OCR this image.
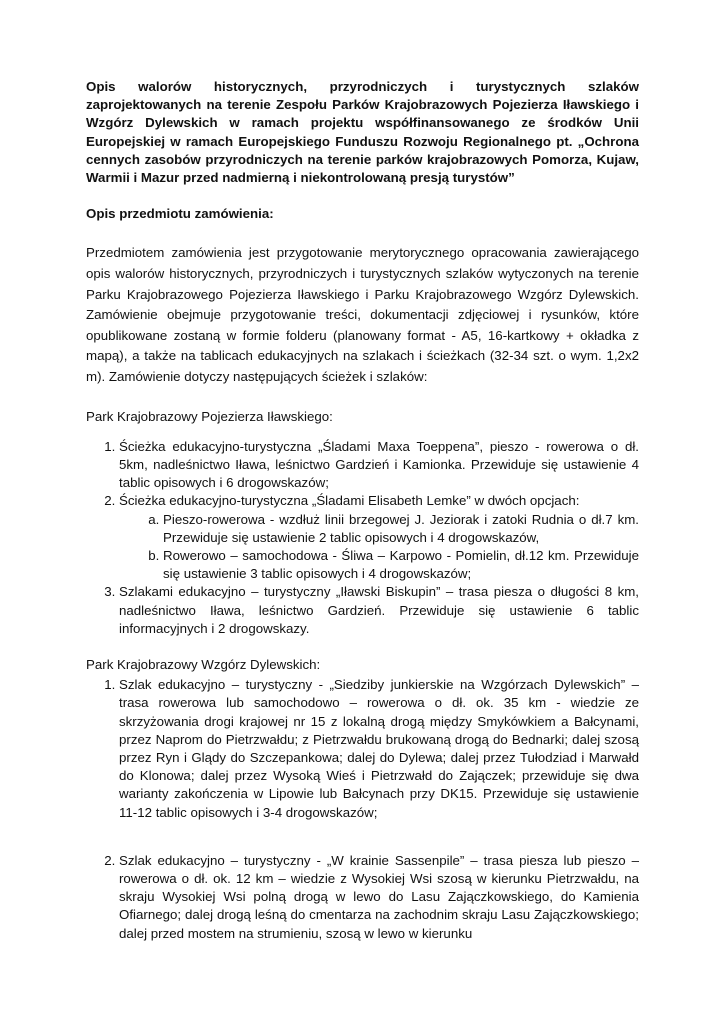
Opis walorów historycznych, przyrodniczych i turystycznych szlaków zaprojektowanych na terenie Zespołu Parków Krajobrazowych Pojezierza Iławskiego i Wzgórz Dylewskich w ramach projektu współfinansowanego ze środków Unii Europejskiej w ramach Europejskiego Funduszu Rozwoju Regionalnego pt. „Ochrona cennych zasobów przyrodniczych na terenie parków krajobrazowych Pomorza, Kujaw, Warmii i Mazur przed nadmierną i niekontrolowaną presją turystów”

Opis przedmiotu zamówienia:

Przedmiotem zamówienia jest przygotowanie merytorycznego opracowania zawierającego opis walorów historycznych, przyrodniczych i turystycznych szlaków wytyczonych na terenie Parku Krajobrazowego Pojezierza Iławskiego i Parku Krajobrazowego Wzgórz Dylewskich. Zamówienie obejmuje przygotowanie treści, dokumentacji zdjęciowej i rysunków, które opublikowane zostaną w formie folderu (planowany format - A5, 16-kartkowy + okładka z mapą), a także na tablicach edukacyjnych na szlakach i ścieżkach (32-34 szt. o wym. 1,2x2 m). Zamówienie dotyczy następujących ścieżek i szlaków:

Park Krajobrazowy Pojezierza Iławskiego:

1. Ścieżka edukacyjno-turystyczna „Śladami Maxa Toeppena”, pieszo - rowerowa o dł. 5km, nadleśnictwo Iława, leśnictwo Gardzień i Kamionka. Przewiduje się ustawienie 4 tablic opisowych i 6 drogowskazów;
2. Ścieżka edukacyjno-turystyczna „Śladami Elisabeth Lemke” w dwóch opcjach:
a. Pieszo-rowerowa - wzdłuż linii brzegowej J. Jeziorak i zatoki Rudnia o dł.7 km. Przewiduje się ustawienie 2 tablic opisowych i 4 drogowskazów,
b. Rowerowo – samochodowa - Śliwa – Karpowo - Pomielin, dł.12 km. Przewiduje się ustawienie 3 tablic opisowych i 4 drogowskazów;
3. Szlakami edukacyjno – turystyczny „Iławski Biskupin” – trasa piesza o długości 8 km, nadleśnictwo Iława, leśnictwo Gardzień. Przewiduje się ustawienie 6 tablic informacyjnych i 2 drogowskazy.

Park Krajobrazowy Wzgórz Dylewskich:

1. Szlak edukacyjno – turystyczny - „Siedziby junkierskie na Wzgórzach Dylewskich” – trasa rowerowa lub samochodowo – rowerowa o dł. ok. 35 km - wiedzie ze skrzyżowania drogi krajowej nr 15 z lokalną drogą między Smykówkiem a Bałcynami, przez Naprom do Pietrzwałdu; z Pietrzwałdu brukowaną drogą do Bednarki; dalej szosą przez Ryn i Glądy do Szczepankowa; dalej do Dylewa; dalej przez Tułodziad i Marwałd do Klonowa; dalej przez Wysoką Wieś i Pietrzwałd do Zajączek; przewiduje się dwa warianty zakończenia w Lipowie lub Bałcynach przy DK15. Przewiduje się ustawienie 11-12 tablic opisowych i 3-4 drogowskazów;
2. Szlak edukacyjno – turystyczny - „W krainie Sassenpile” – trasa piesza lub pieszo – rowerowa o dł. ok. 12 km – wiedzie z Wysokiej Wsi szosą w kierunku Pietrzwałdu, na skraju Wysokiej Wsi polną drogą w lewo do Lasu Zajączkowskiego, do Kamienia Ofiarnego; dalej drogą leśną do cmentarza na zachodnim skraju Lasu Zajączkowskiego; dalej przed mostem na strumieniu, szosą w lewo w kierunku
